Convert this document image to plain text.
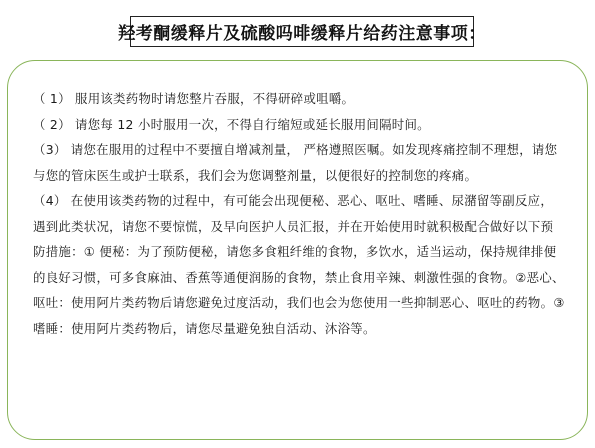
羟考酮缓释片及硫酸吗啡缓释片给药注意事项：

（ 1） 服用该类药物时请您整片吞服，不得研碎或咀嚼。

（ 2） 请您每 12 小时服用一次，不得自行缩短或延长服用间隔时间。

（3） 请您在服用的过程中不要擅自增减剂量， 严格遵照医嘱。如发现疼痛控制不理想，请您与您的管床医生或护士联系，我们会为您调整剂量，以便很好的控制您的疼痛。

（4） 在使用该类药物的过程中，有可能会出现便秘、恶心、呕吐、嗜睡、尿潴留等副反应，遇到此类状况，请您不要惊慌，及早向医护人员汇报，并在开始使用时就积极配合做好以下预防措施：① 便秘：为了预防便秘，请您多食粗纤维的食物，多饮水，适当运动，保持规律排便的良好习惯，可多食麻油、香蕉等通便润肠的食物，禁止食用辛辣、刺激性强的食物。②恶心、呕吐：使用阿片类药物后请您避免过度活动，我们也会为您使用一些抑制恶心、呕吐的药物。③嗜睡：使用阿片类药物后，请您尽量避免独自活动、沐浴等。
